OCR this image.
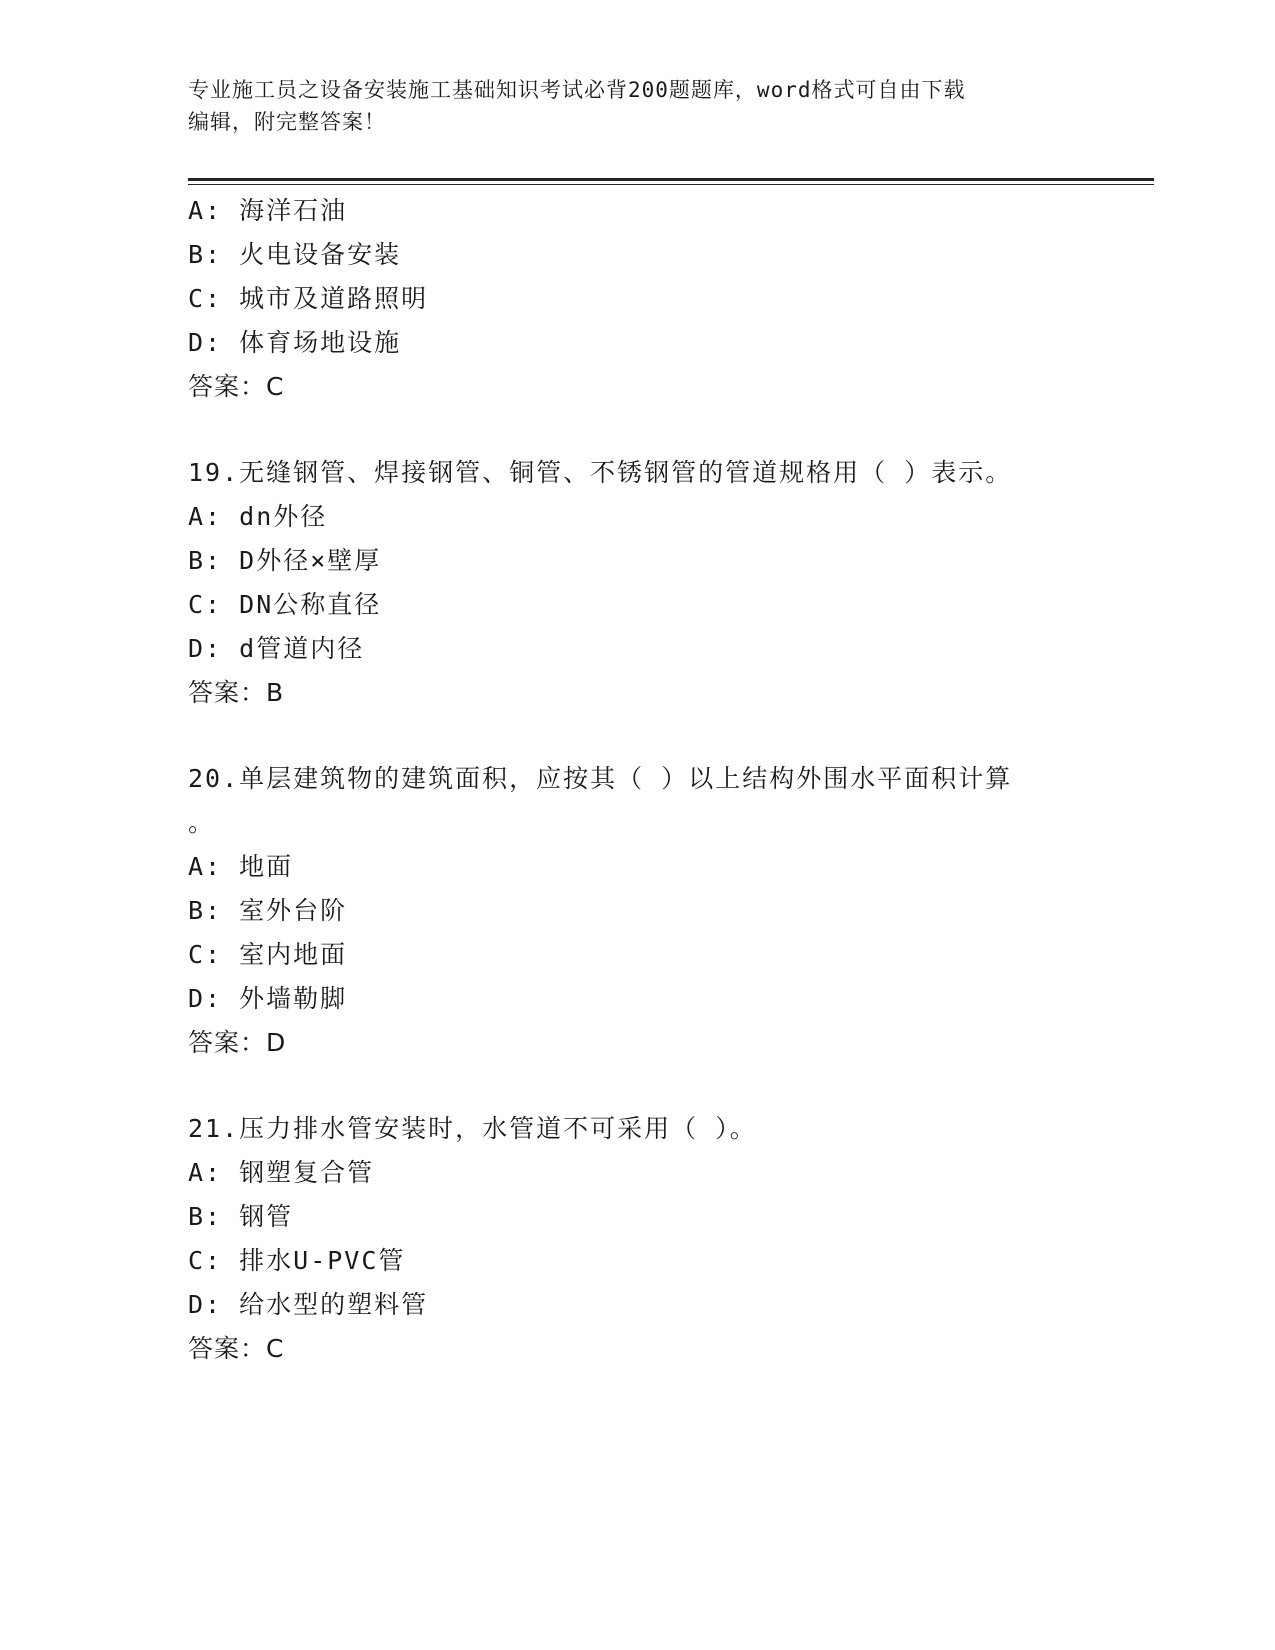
专业施工员之设备安装施工基础知识考试必背200题题库，word格式可自由下载
编辑，附完整答案！
A: 海洋石油
B: 火电设备安装
C: 城市及道路照明
D: 体育场地设施
答案：C
19.无缝钢管、焊接钢管、铜管、不锈钢管的管道规格用（ ）表示。
A: dn外径
B: D外径×壁厚
C: DN公称直径
D: d管道内径
答案：B
20.单层建筑物的建筑面积，应按其（ ）以上结构外围水平面积计算
。
A: 地面
B: 室外台阶
C: 室内地面
D: 外墙勒脚
答案：D
21.压力排水管安装时，水管道不可采用（ ）。
A: 钢塑复合管
B: 钢管
C: 排水U-PVC管
D: 给水型的塑料管
答案：C
